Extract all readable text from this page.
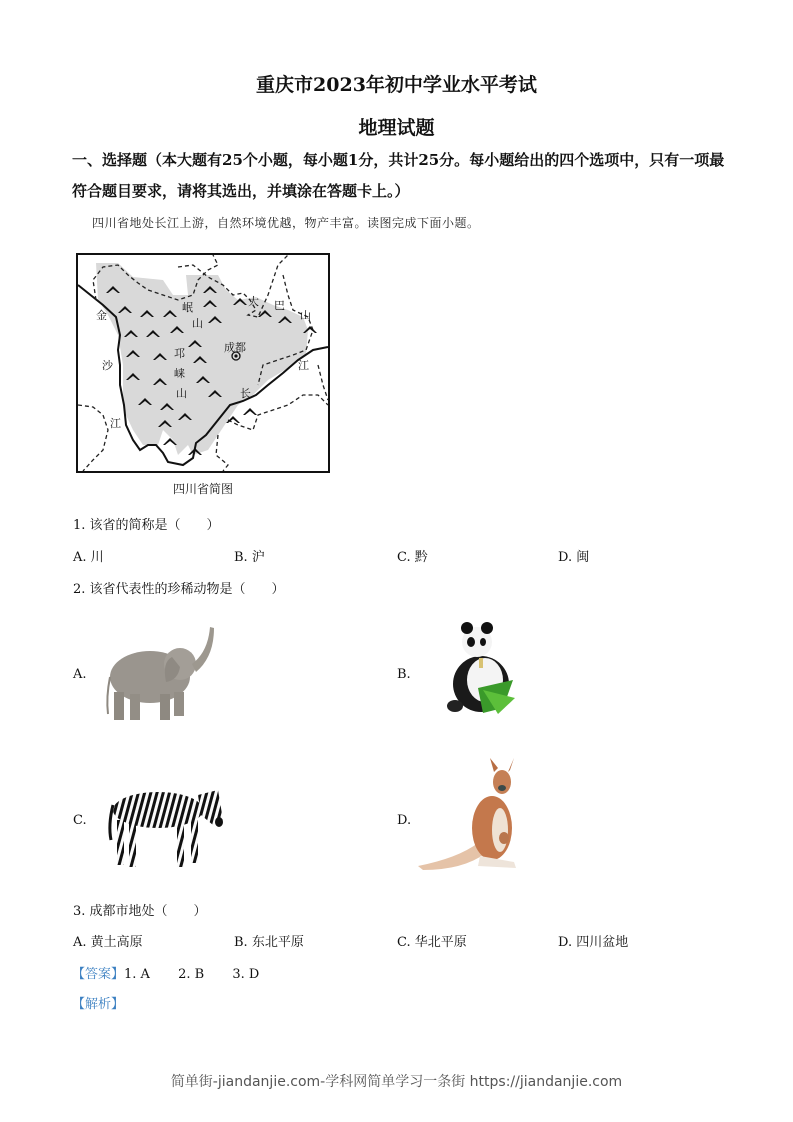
重庆市2023年初中学业水平考试
地理试题
一、选择题（本大题有25个小题，每小题1分，共计25分。每小题给出的四个选项中，只有一项最符合题目要求，请将其选出，并填涂在答题卡上。）
四川省地处长江上游，自然环境优越，物产丰富。读图完成下面小题。
金
沙
江
岷
山
邛
崃
山
大 巴
山
成都
江
长
四川省简图
1. 该省的简称是（　　）
A. 川	B. 沪	C. 黔	D. 闽
2. 该省代表性的珍稀动物是（　　）
A.	B.
C.	D.
3. 成都市地处（　　）
A. 黄土高原	B. 东北平原	C. 华北平原	D. 四川盆地
【答案】1. A 2. B 3. D
【解析】
简单街-jiandanjie.com-学科网简单学习一条街 https://jiandanjie.com
